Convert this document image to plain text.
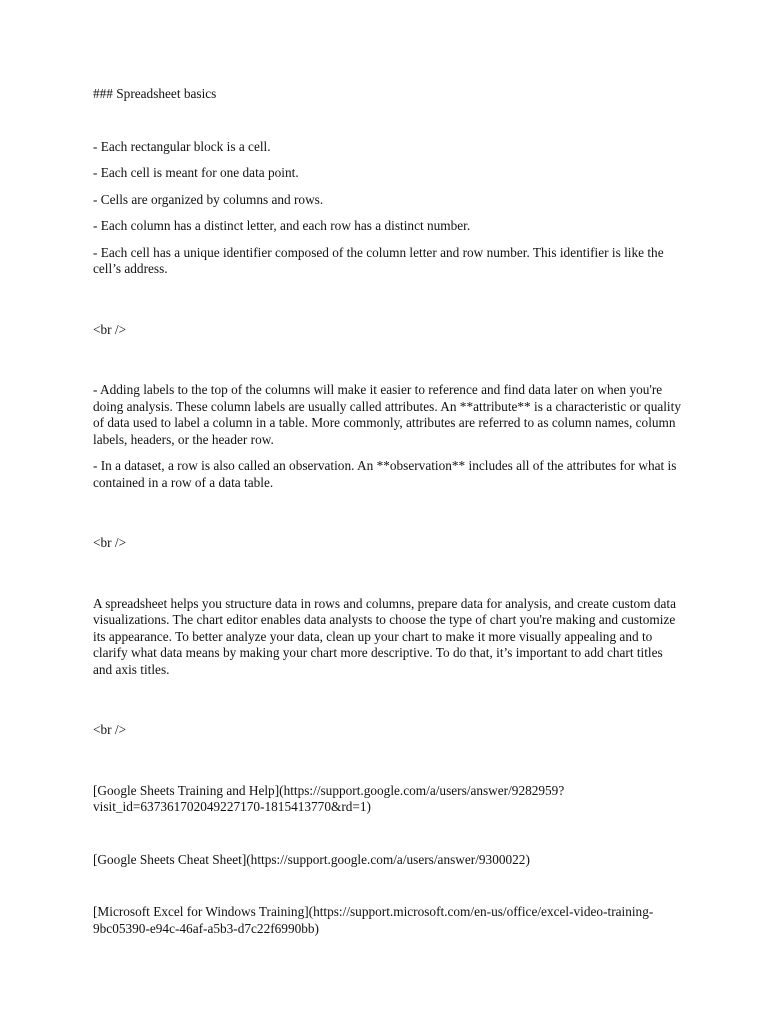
### Spreadsheet basics

- Each rectangular block is a cell.

- Each cell is meant for one data point.

- Cells are organized by columns and rows.

- Each column has a distinct letter, and each row has a distinct number.

- Each cell has a unique identifier composed of the column letter and row number. This identifier is like the cell’s address.

<br />

- Adding labels to the top of the columns will make it easier to reference and find data later on when you're doing analysis. These column labels are usually called attributes. An **attribute** is a characteristic or quality of data used to label a column in a table. More commonly, attributes are referred to as column names, column labels, headers, or the header row.

- In a dataset, a row is also called an observation. An **observation** includes all of the attributes for what is contained in a row of a data table.

<br />

A spreadsheet helps you structure data in rows and columns, prepare data for analysis, and create custom data visualizations. The chart editor enables data analysts to choose the type of chart you're making and customize its appearance. To better analyze your data, clean up your chart to make it more visually appealing and to clarify what data means by making your chart more descriptive. To do that, it’s important to add chart titles and axis titles.

<br />

[Google Sheets Training and Help](https://support.google.com/a/users/answer/9282959?visit_id=637361702049227170-1815413770&rd=1)

[Google Sheets Cheat Sheet](https://support.google.com/a/users/answer/9300022)

[Microsoft Excel for Windows Training](https://support.microsoft.com/en-us/office/excel-video-training-9bc05390-e94c-46af-a5b3-d7c22f6990bb)
